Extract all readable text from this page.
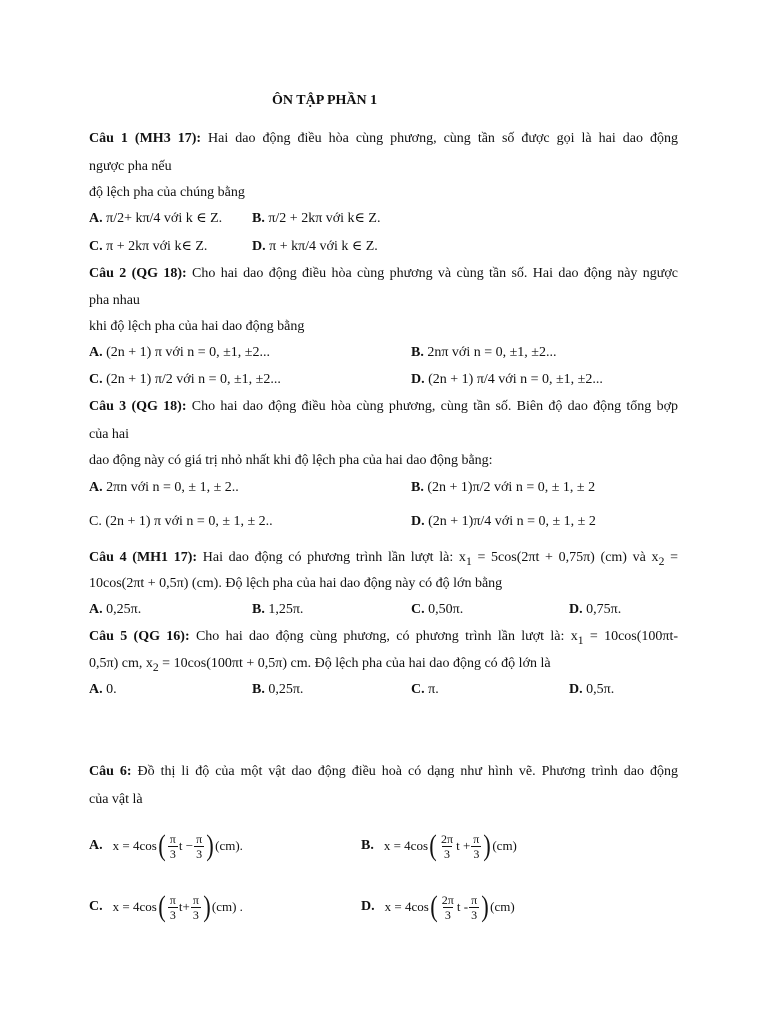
ÔN TẬP PHẦN 1
Câu 1 (MH3 17): Hai dao động điều hòa cùng phương, cùng tần số được gọi là hai dao động
ngược pha nếu
độ lệch pha của chúng bằng
A. π/2+ kπ/4 với k ∈ Z. B. π/2 + 2kπ với k∈ Z.
C. π + 2kπ với k∈ Z.	D. π + kπ/4 với k ∈ Z.
Câu 2 (QG 18): Cho hai dao động điều hòa cùng phương và cùng tần số. Hai dao động này ngược
pha nhau
khi độ lệch pha của hai dao động bằng
A. (2n + 1) π với n = 0, ±1, ±2...	B. 2nπ với n = 0, ±1, ±2...
C. (2n + 1) π/2 với n = 0, ±1, ±2...	D. (2n + 1) π/4 với n = 0, ±1, ±2...
Câu 3 (QG 18): Cho hai dao động điều hòa cùng phương, cùng tần số. Biên độ dao động tổng bợp
của hai
dao động này có giá trị nhỏ nhất khi độ lệch pha của hai dao động bằng:
A. 2πn với n = 0, ± 1, ± 2..	B. (2n + 1)π/2 với n = 0, ± 1, ± 2
C. (2n + 1) π với n = 0, ± 1, ± 2..	D. (2n + 1)π/4 với n = 0, ± 1, ± 2
Câu 4 (MH1 17): Hai dao động có phương trình lần lượt là: $x_1 = 5\cos(2\pi t + 0,75\pi)$ (cm) và $x_2$ =
10cos(2πt + 0,5π) (cm). Độ lệch pha của hai dao động này có độ lớn bằng
A. 0,25π.	B. 1,25π.	C. 0,50π.	D. 0,75π.
Câu 5 (QG 16): Cho hai dao động cùng phương, có phương trình lần lượt là: $x_1 = 10\cos(100\pi t-$
0,5π) cm, $x_2 = 10\cos(100\pi t + 0,5\pi)$ cm. Độ lệch pha của hai dao động có độ lớn là
A. 0.	B. 0,25π.	C. π.	D. 0,5π.
Câu 6: Đồ thị li độ của một vật dao động điều hoà có dạng như hình vẽ. Phương trình dao động
của vật là
A. x = 4cos ( $\frac{\pi}{3}$ $t - \frac{\pi}{3}$ ) (cm).	B. x = 4cos ( $\frac{2\pi}{3}$ $t + \frac{\pi}{3}$ ) (cm)
C. x = 4cos ( $\frac{\pi}{3} t+ \frac{\pi}{3}$ ) (cm) .	D. x = 4cos ( $\frac{2\pi}{3}$ t - $\frac{\pi}{3}$ ) (cm)
